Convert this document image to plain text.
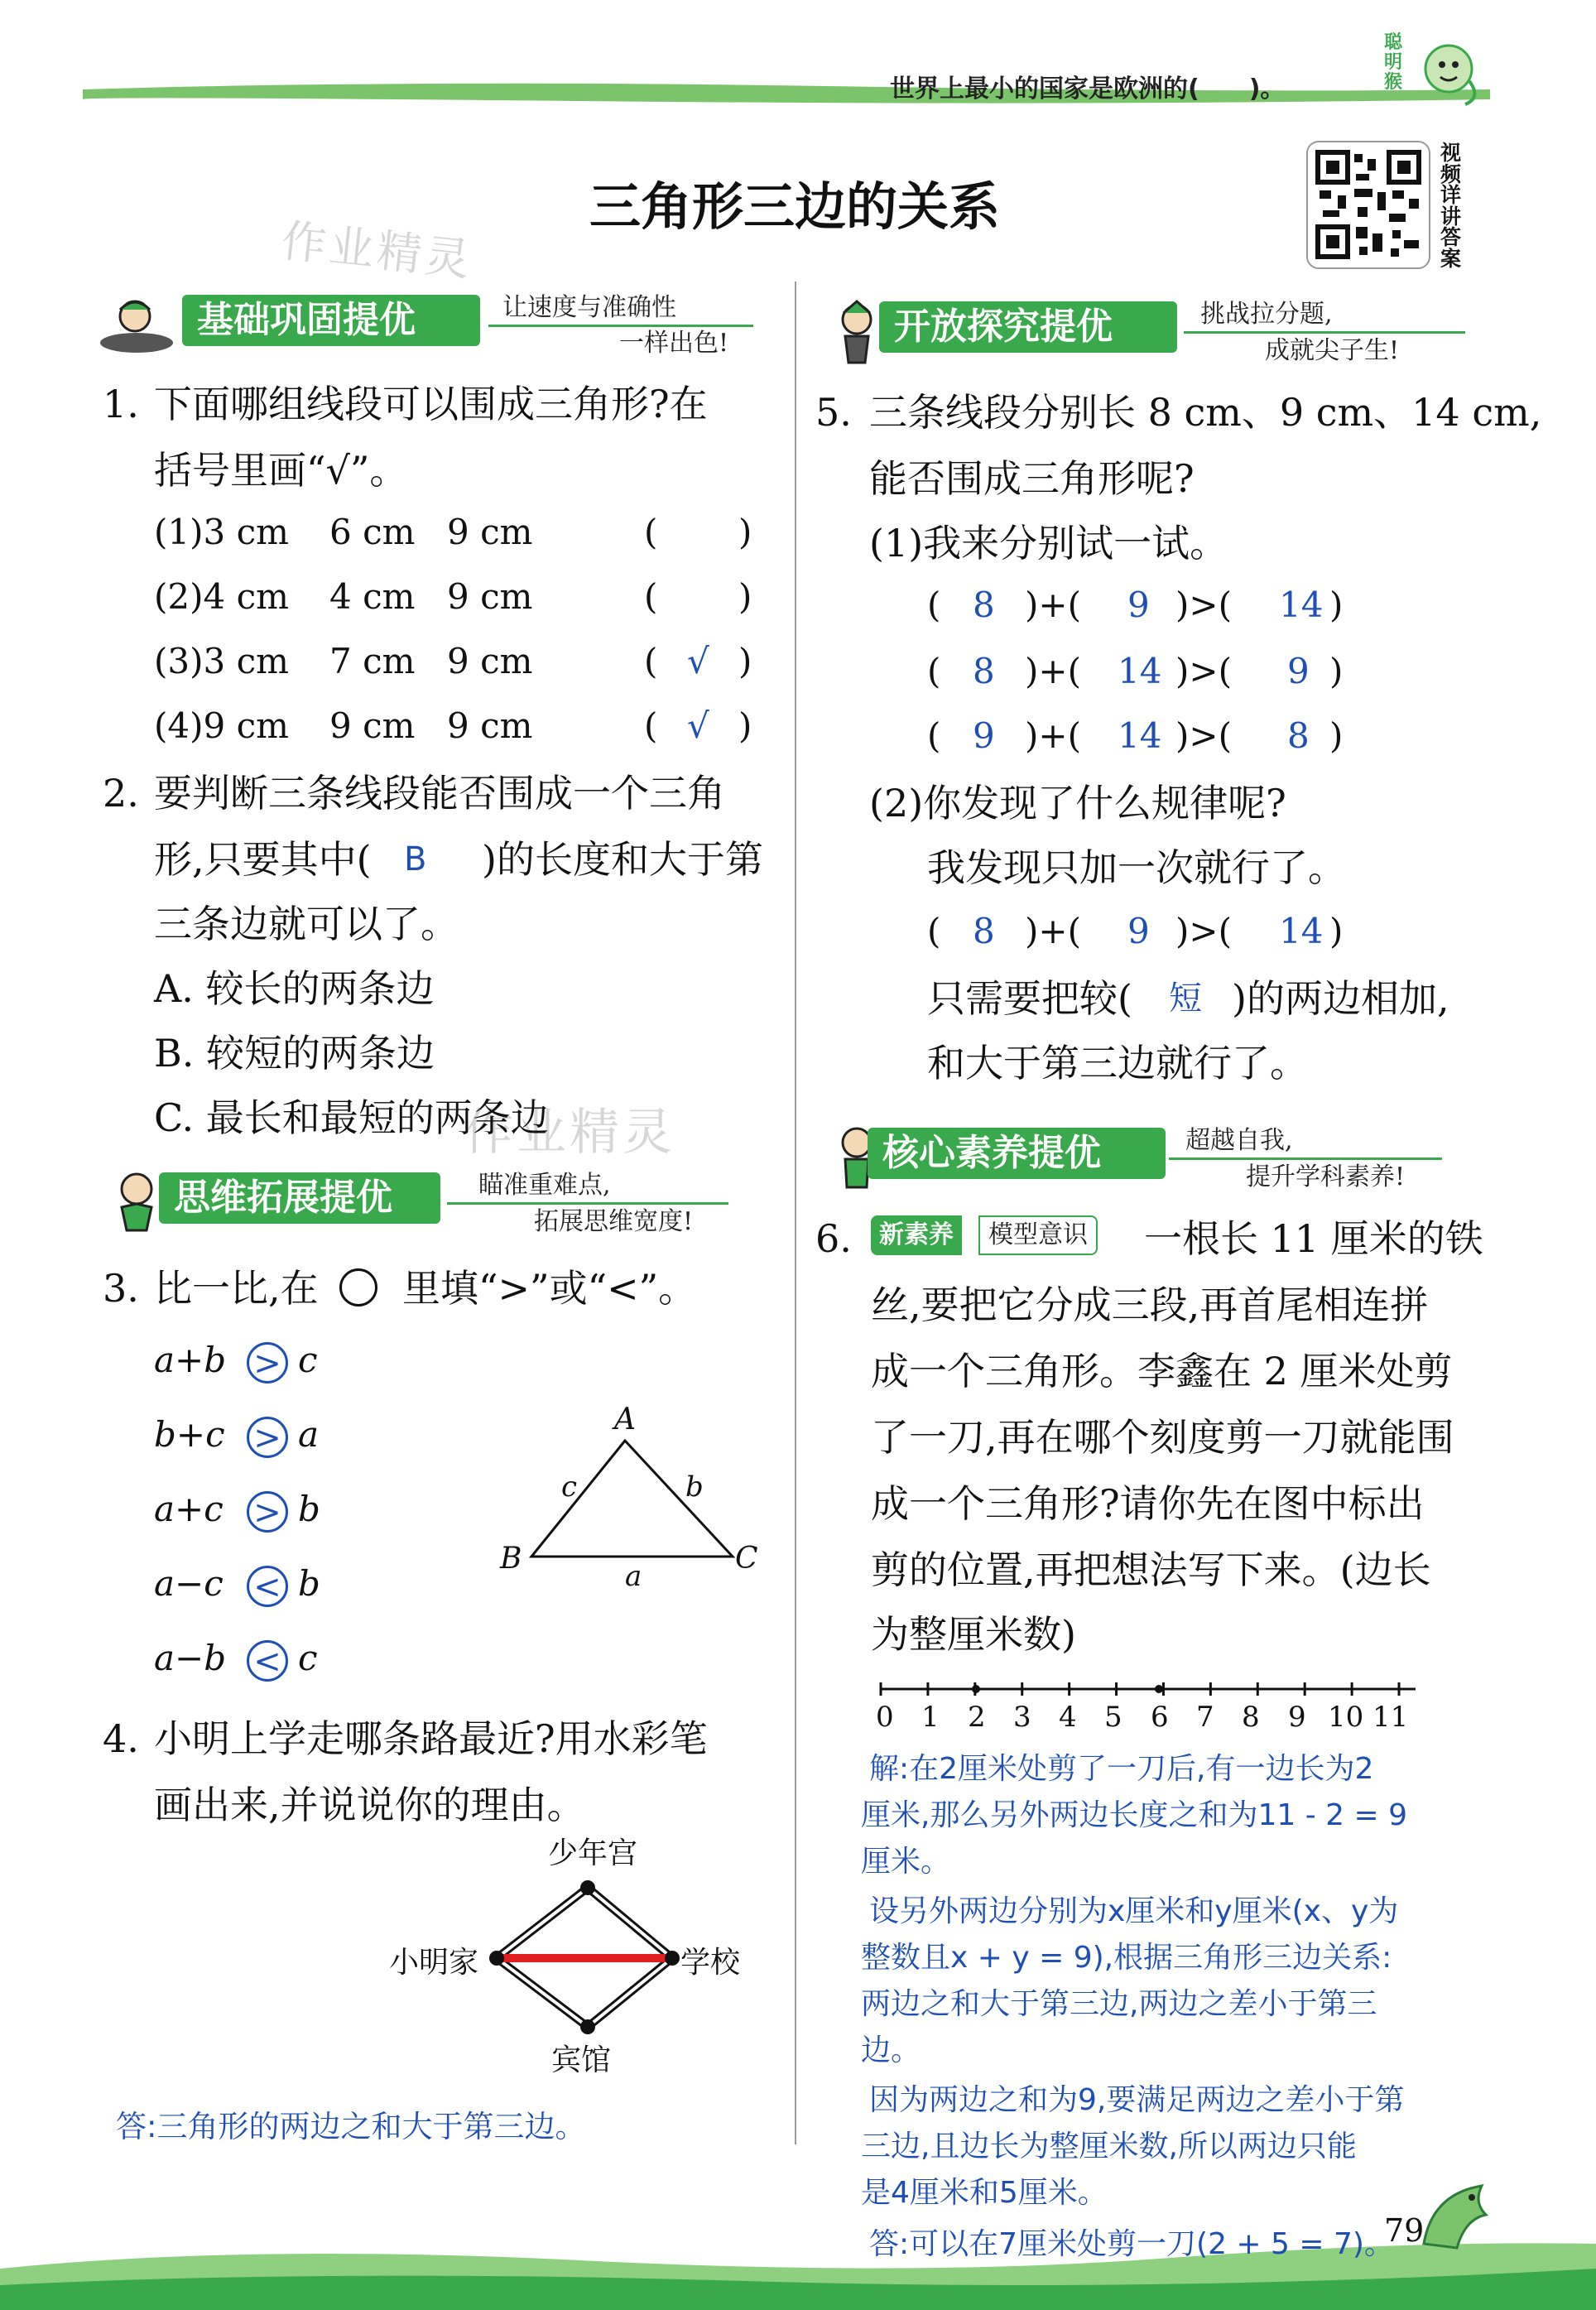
世界上最小的国家是欧洲的(　　)。
聪明猴
三角形三边的关系
视频详讲答案
作业精灵
作业精灵
基础巩固提优	让速度与准确性
一样出色!
1. 下面哪组线段可以围成三角形?在
括号里画“√”。
(1)3 cm 6 cm 9 cm	( )
(2)4 cm 4 cm 9 cm	( )
(3)3 cm 7 cm 9 cm	( √ )
(4)9 cm 9 cm 9 cm	( √ )
2. 要判断三条线段能否围成一个三角
形,只要其中( B )的长度和大于第
三条边就可以了。
A. 较长的两条边
B. 较短的两条边
C. 最长和最短的两条边
思维拓展提优	瞄准重难点,
拓展思维宽度!
3. 比一比,在 里填“>”或“<”。
a+b > c
b+c > a
a+c > b
a−c < b
a−b < c
A
B	C
c	b
a
4. 小明上学走哪条路最近?用水彩笔
画出来,并说说你的理由。
少年宫
小明家	学校
宾馆
答:三角形的两边之和大于第三边。
开放探究提优	挑战拉分题,
成就尖子生!
5. 三条线段分别长 8 cm、9 cm、14 cm,
能否围成三角形呢?
(1)我来分别试一试。
( 8 )+( 9 )>( 14 )
( 8 )+( 14 )>( 9 )
( 9 )+( 14 )>( 8 )
(2)你发现了什么规律呢?
我发现只加一次就行了。
( 8 )+( 9 )>( 14 )
只需要把较( 短 )的两边相加,
和大于第三边就行了。
核心素养提优	超越自我,
提升学科素养!
6.	新素养	模型意识 一根长 11 厘米的铁
丝,要把它分成三段,再首尾相连拼
成一个三角形。李鑫在 2 厘米处剪
了一刀,再在哪个刻度剪一刀就能围
成一个三角形?请你先在图中标出
剪的位置,再把想法写下来。(边长
为整厘米数)
0 1 2 3 4 5 6 7 8 9 10 11
解:在2厘米处剪了一刀后,有一边长为2
厘米,那么另外两边长度之和为11 - 2 = 9
厘米。
设另外两边分别为x厘米和y厘米(x、y为
整数且x + y = 9),根据三角形三边关系:
两边之和大于第三边,两边之差小于第三
边。
因为两边之和为9,要满足两边之差小于第
三边,且边长为整厘米数,所以两边只能
是4厘米和5厘米。
答:可以在7厘米处剪一刀(2 + 5 = 7)。
79
